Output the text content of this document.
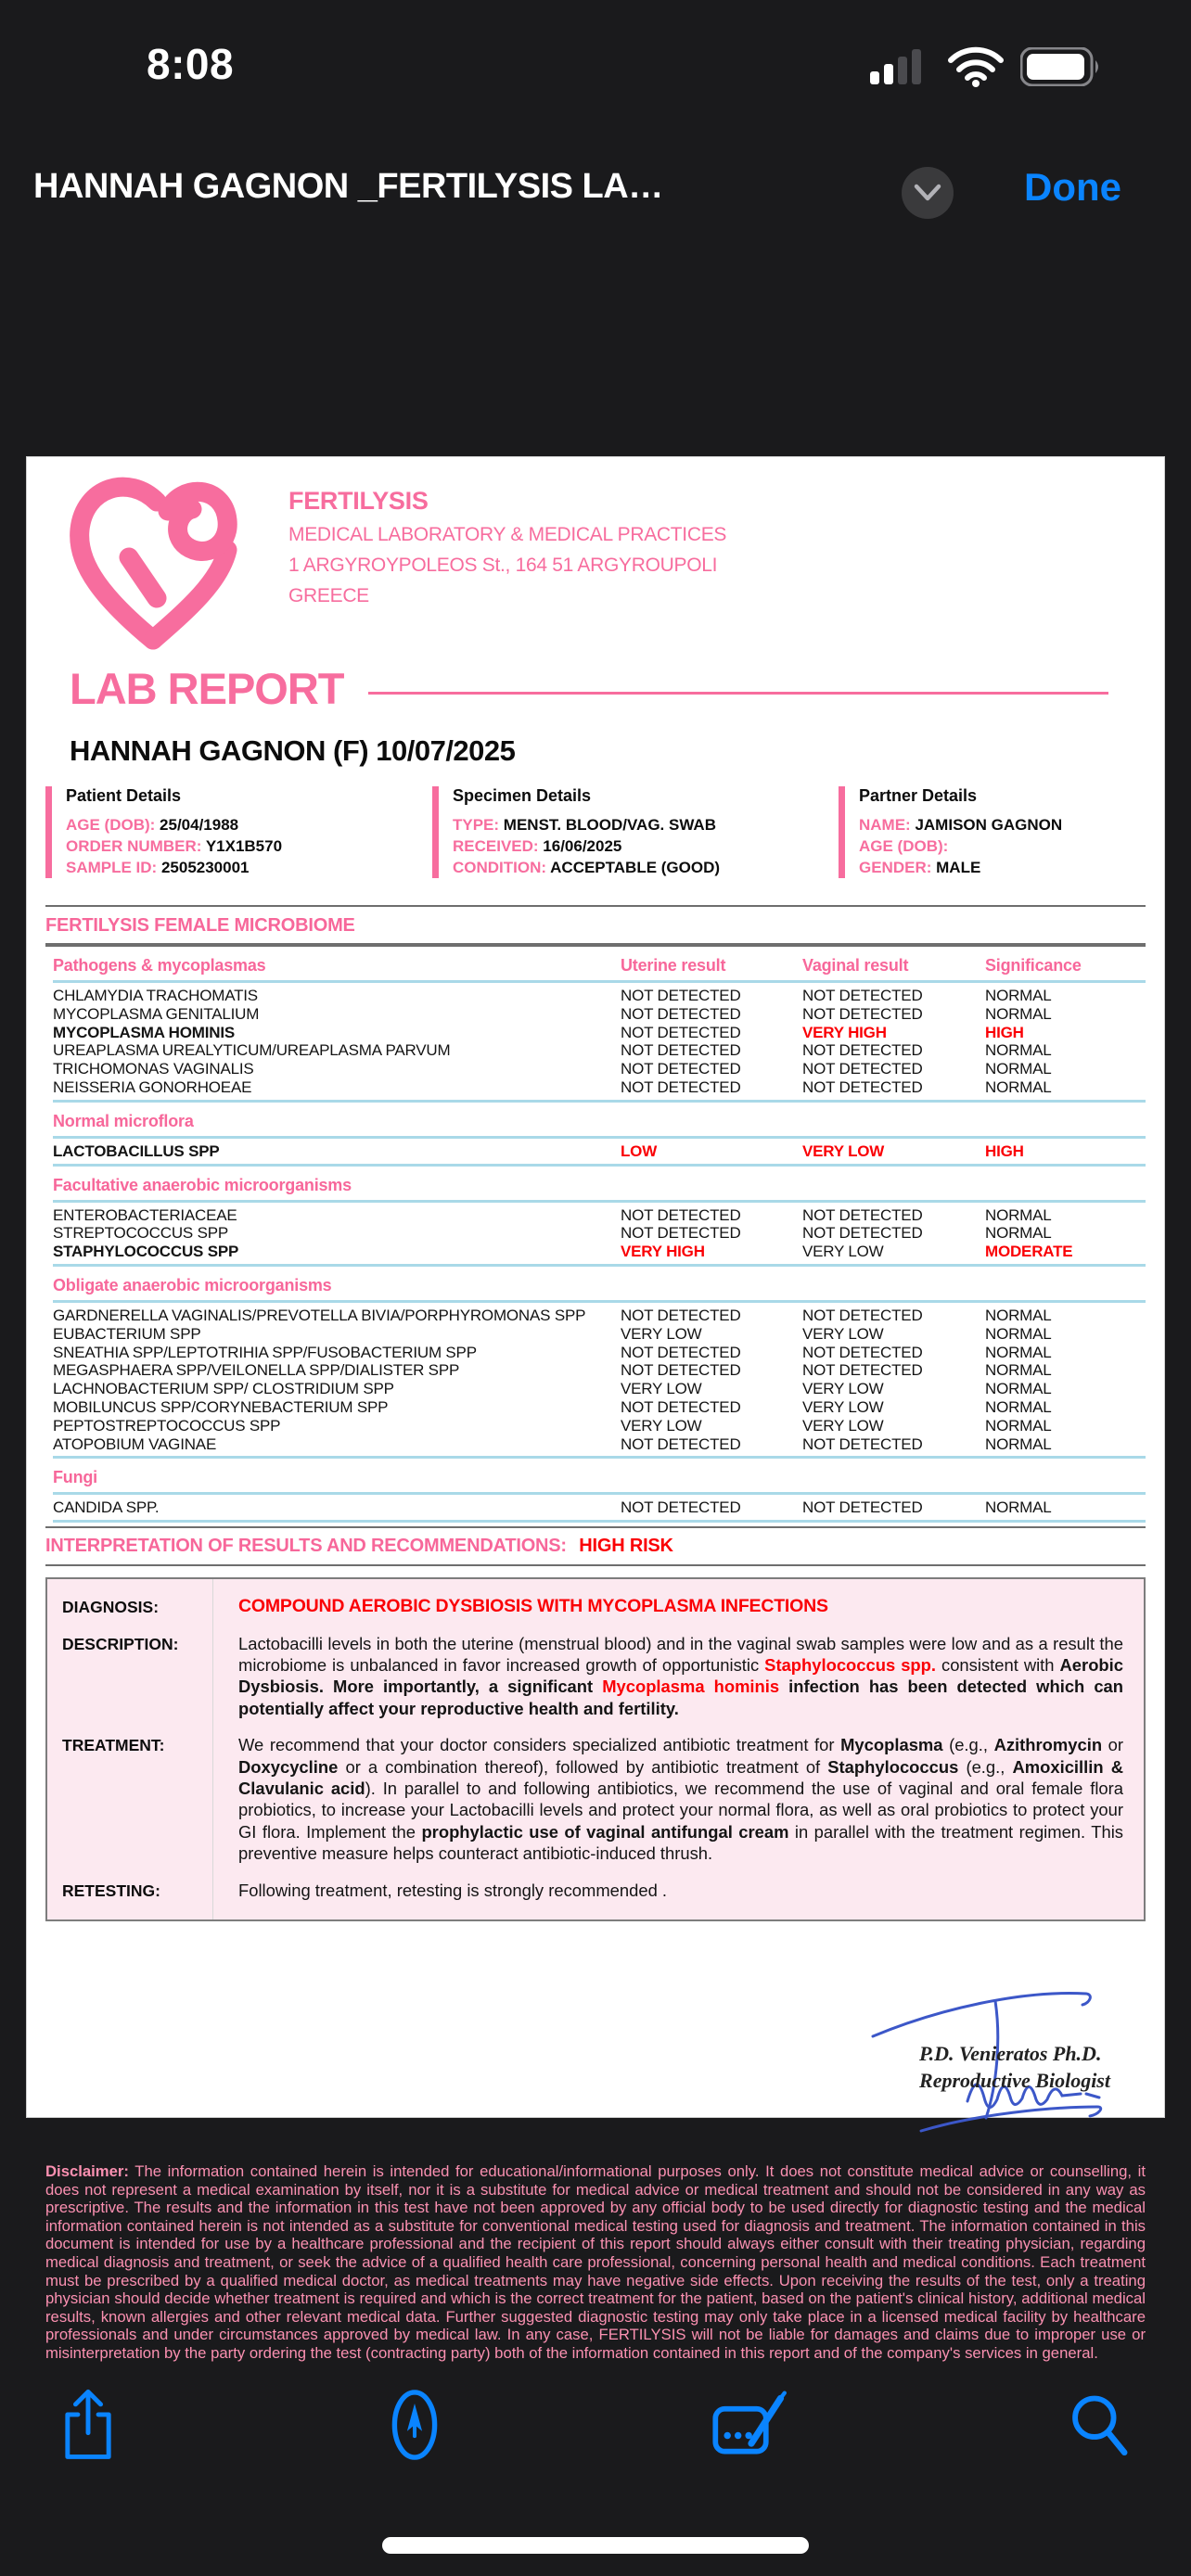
8:08
HANNAH GAGNON _FERTILYSIS LA…	Done
FERTILYSIS
MEDICAL LABORATORY & MEDICAL PRACTICES
1 ARGYROYPOLEOS St., 164 51 ARGYROUPOLI
GREECE
LAB REPORT
HANNAH GAGNON (F) 10/07/2025
Patient Details
AGE (DOB): 25/04/1988
ORDER NUMBER: Y1X1B570
SAMPLE ID: 2505230001
Specimen Details
TYPE: MENST. BLOOD/VAG. SWAB
RECEIVED: 16/06/2025
CONDITION: ACCEPTABLE (GOOD)
Partner Details
NAME: JAMISON GAGNON
AGE (DOB):
GENDER: MALE
FERTILYSIS FEMALE MICROBIOME
Pathogens & mycoplasmas	Uterine result	Vaginal result	Significance
CHLAMYDIA TRACHOMATIS	NOT DETECTED	NOT DETECTED	NORMAL
MYCOPLASMA GENITALIUM	NOT DETECTED	NOT DETECTED	NORMAL
MYCOPLASMA HOMINIS	NOT DETECTED	VERY HIGH	HIGH
UREAPLASMA UREALYTICUM/UREAPLASMA PARVUM	NOT DETECTED	NOT DETECTED	NORMAL
TRICHOMONAS VAGINALIS	NOT DETECTED	NOT DETECTED	NORMAL
NEISSERIA GONORHOEAE	NOT DETECTED	NOT DETECTED	NORMAL
Normal microflora
LACTOBACILLUS SPP	LOW	VERY LOW	HIGH
Facultative anaerobic microorganisms
ENTEROBACTERIACEAE	NOT DETECTED	NOT DETECTED	NORMAL
STREPTOCOCCUS SPP	NOT DETECTED	NOT DETECTED	NORMAL
STAPHYLOCOCCUS SPP	VERY HIGH	VERY LOW	MODERATE
Obligate anaerobic microorganisms
GARDNERELLA VAGINALIS/PREVOTELLA BIVIA/PORPHYROMONAS SPP	NOT DETECTED	NOT DETECTED	NORMAL
EUBACTERIUM SPP	VERY LOW	VERY LOW	NORMAL
SNEATHIA SPP/LEPTOTRIHIA SPP/FUSOBACTERIUM SPP	NOT DETECTED	NOT DETECTED	NORMAL
MEGASPHAERA SPP/VEILONELLA SPP/DIALISTER SPP	NOT DETECTED	NOT DETECTED	NORMAL
LACHNOBACTERIUM SPP/ CLOSTRIDIUM SPP	VERY LOW	VERY LOW	NORMAL
MOBILUNCUS SPP/CORYNEBACTERIUM SPP	NOT DETECTED	VERY LOW	NORMAL
PEPTOSTREPTOCOCCUS SPP	VERY LOW	VERY LOW	NORMAL
ATOPOBIUM VAGINAE	NOT DETECTED	NOT DETECTED	NORMAL
Fungi
CANDIDA SPP.	NOT DETECTED	NOT DETECTED	NORMAL
INTERPRETATION OF RESULTS AND RECOMMENDATIONS: HIGH RISK
DIAGNOSIS:	COMPOUND AEROBIC DYSBIOSIS WITH MYCOPLASMA INFECTIONS
DESCRIPTION:	Lactobacilli levels in both the uterine (menstrual blood) and in the vaginal swab samples were low and as a result the microbiome is unbalanced in favor increased growth of opportunistic Staphylococcus spp. consistent with Aerobic Dysbiosis. More importantly, a significant Mycoplasma hominis infection has been detected which can potentially affect your reproductive health and fertility.
TREATMENT:	We recommend that your doctor considers specialized antibiotic treatment for Mycoplasma (e.g., Azithromycin or Doxycycline or a combination thereof), followed by antibiotic treatment of Staphylococcus (e.g., Amoxicillin & Clavulanic acid). In parallel to and following antibiotics, we recommend the use of vaginal and oral female flora probiotics, to increase your Lactobacilli levels and protect your normal flora, as well as oral probiotics to protect your GI flora. Implement the prophylactic use of vaginal antifungal cream in parallel with the treatment regimen. This preventive measure helps counteract antibiotic-induced thrush.
RETESTING:	Following treatment, retesting is strongly recommended .
P.D. Venieratos Ph.D.
Reproductive Biologist
Disclaimer: The information contained herein is intended for educational/informational purposes only. It does not constitute medical advice or counselling, it does not represent a medical examination by itself, nor it is a substitute for medical advice or medical treatment and should not be considered in any way as prescriptive. The results and the information in this test have not been approved by any official body to be used directly for diagnostic testing and the medical information contained herein is not intended as a substitute for conventional medical testing used for diagnosis and treatment. The information contained in this document is intended for use by a healthcare professional and the recipient of this report should always either consult with their treating physician, regarding medical diagnosis and treatment, or seek the advice of a qualified health care professional, concerning personal health and medical conditions. Each treatment must be prescribed by a qualified medical doctor, as medical treatments may have negative side effects. Upon receiving the results of the test, only a treating physician should decide whether treatment is required and which is the correct treatment for the patient, based on the patient's clinical history, additional medical results, known allergies and other relevant medical data. Further suggested diagnostic testing may only take place in a licensed medical facility by healthcare professionals and under circumstances approved by medical law. In any case, FERTILYSIS will not be liable for damages and claims due to improper use or misinterpretation by the party ordering the test (contracting party) both of the information contained in this report and of the company's services in general.
